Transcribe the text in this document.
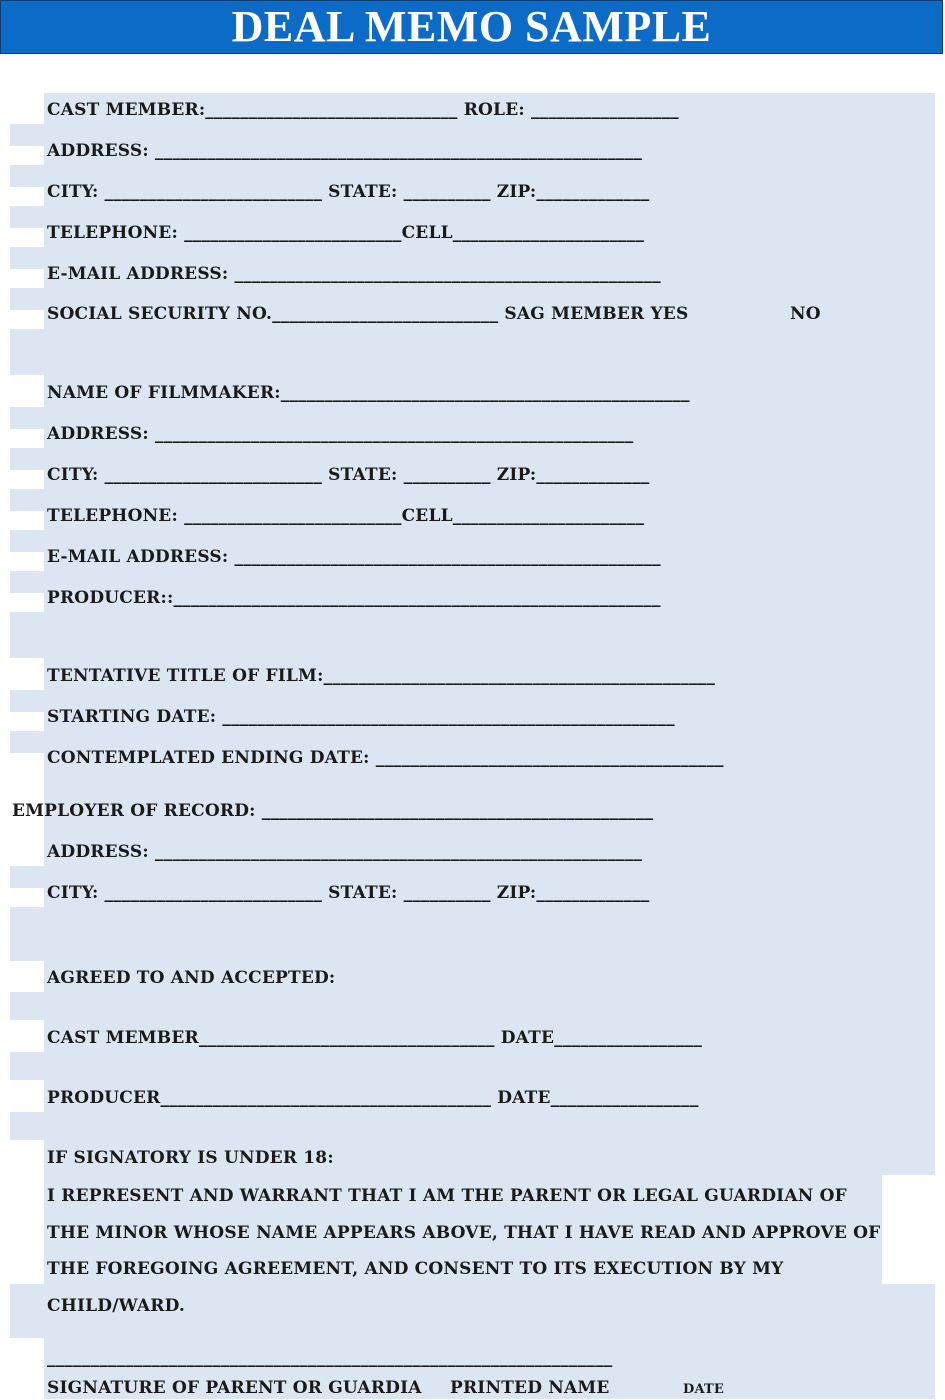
DEAL MEMO SAMPLE
CAST MEMBER:_____________________________ ROLE: _________________
ADDRESS: ________________________________________________________
CITY: _________________________ STATE: __________ ZIP:_____________
TELEPHONE: _________________________CELL______________________
E-MAIL ADDRESS: _________________________________________________
SOCIAL SECURITY NO.__________________________ SAG MEMBER YES	NO
NAME OF FILMMAKER:_______________________________________________
ADDRESS: _______________________________________________________
CITY: _________________________ STATE: __________ ZIP:_____________
TELEPHONE: _________________________CELL______________________
E-MAIL ADDRESS: _________________________________________________
PRODUCER::________________________________________________________
TENTATIVE TITLE OF FILM:_____________________________________________
STARTING DATE: ____________________________________________________
CONTEMPLATED ENDING DATE: ________________________________________
EMPLOYER OF RECORD: _____________________________________________
ADDRESS: ________________________________________________________
CITY: _________________________ STATE: __________ ZIP:_____________
AGREED TO AND ACCEPTED:
CAST MEMBER__________________________________ DATE_________________
PRODUCER______________________________________ DATE_________________
IF SIGNATORY IS UNDER 18:
I REPRESENT AND WARRANT THAT I AM THE PARENT OR LEGAL GUARDIAN OF THE MINOR WHOSE NAME APPEARS ABOVE, THAT I HAVE READ AND APPROVE OF THE FOREGOING AGREEMENT, AND CONSENT TO ITS EXECUTION BY MY CHILD/WARD.
_________________________________________________________________
SIGNATURE OF PARENT OR GUARDIA PRINTED NAME	DATE
